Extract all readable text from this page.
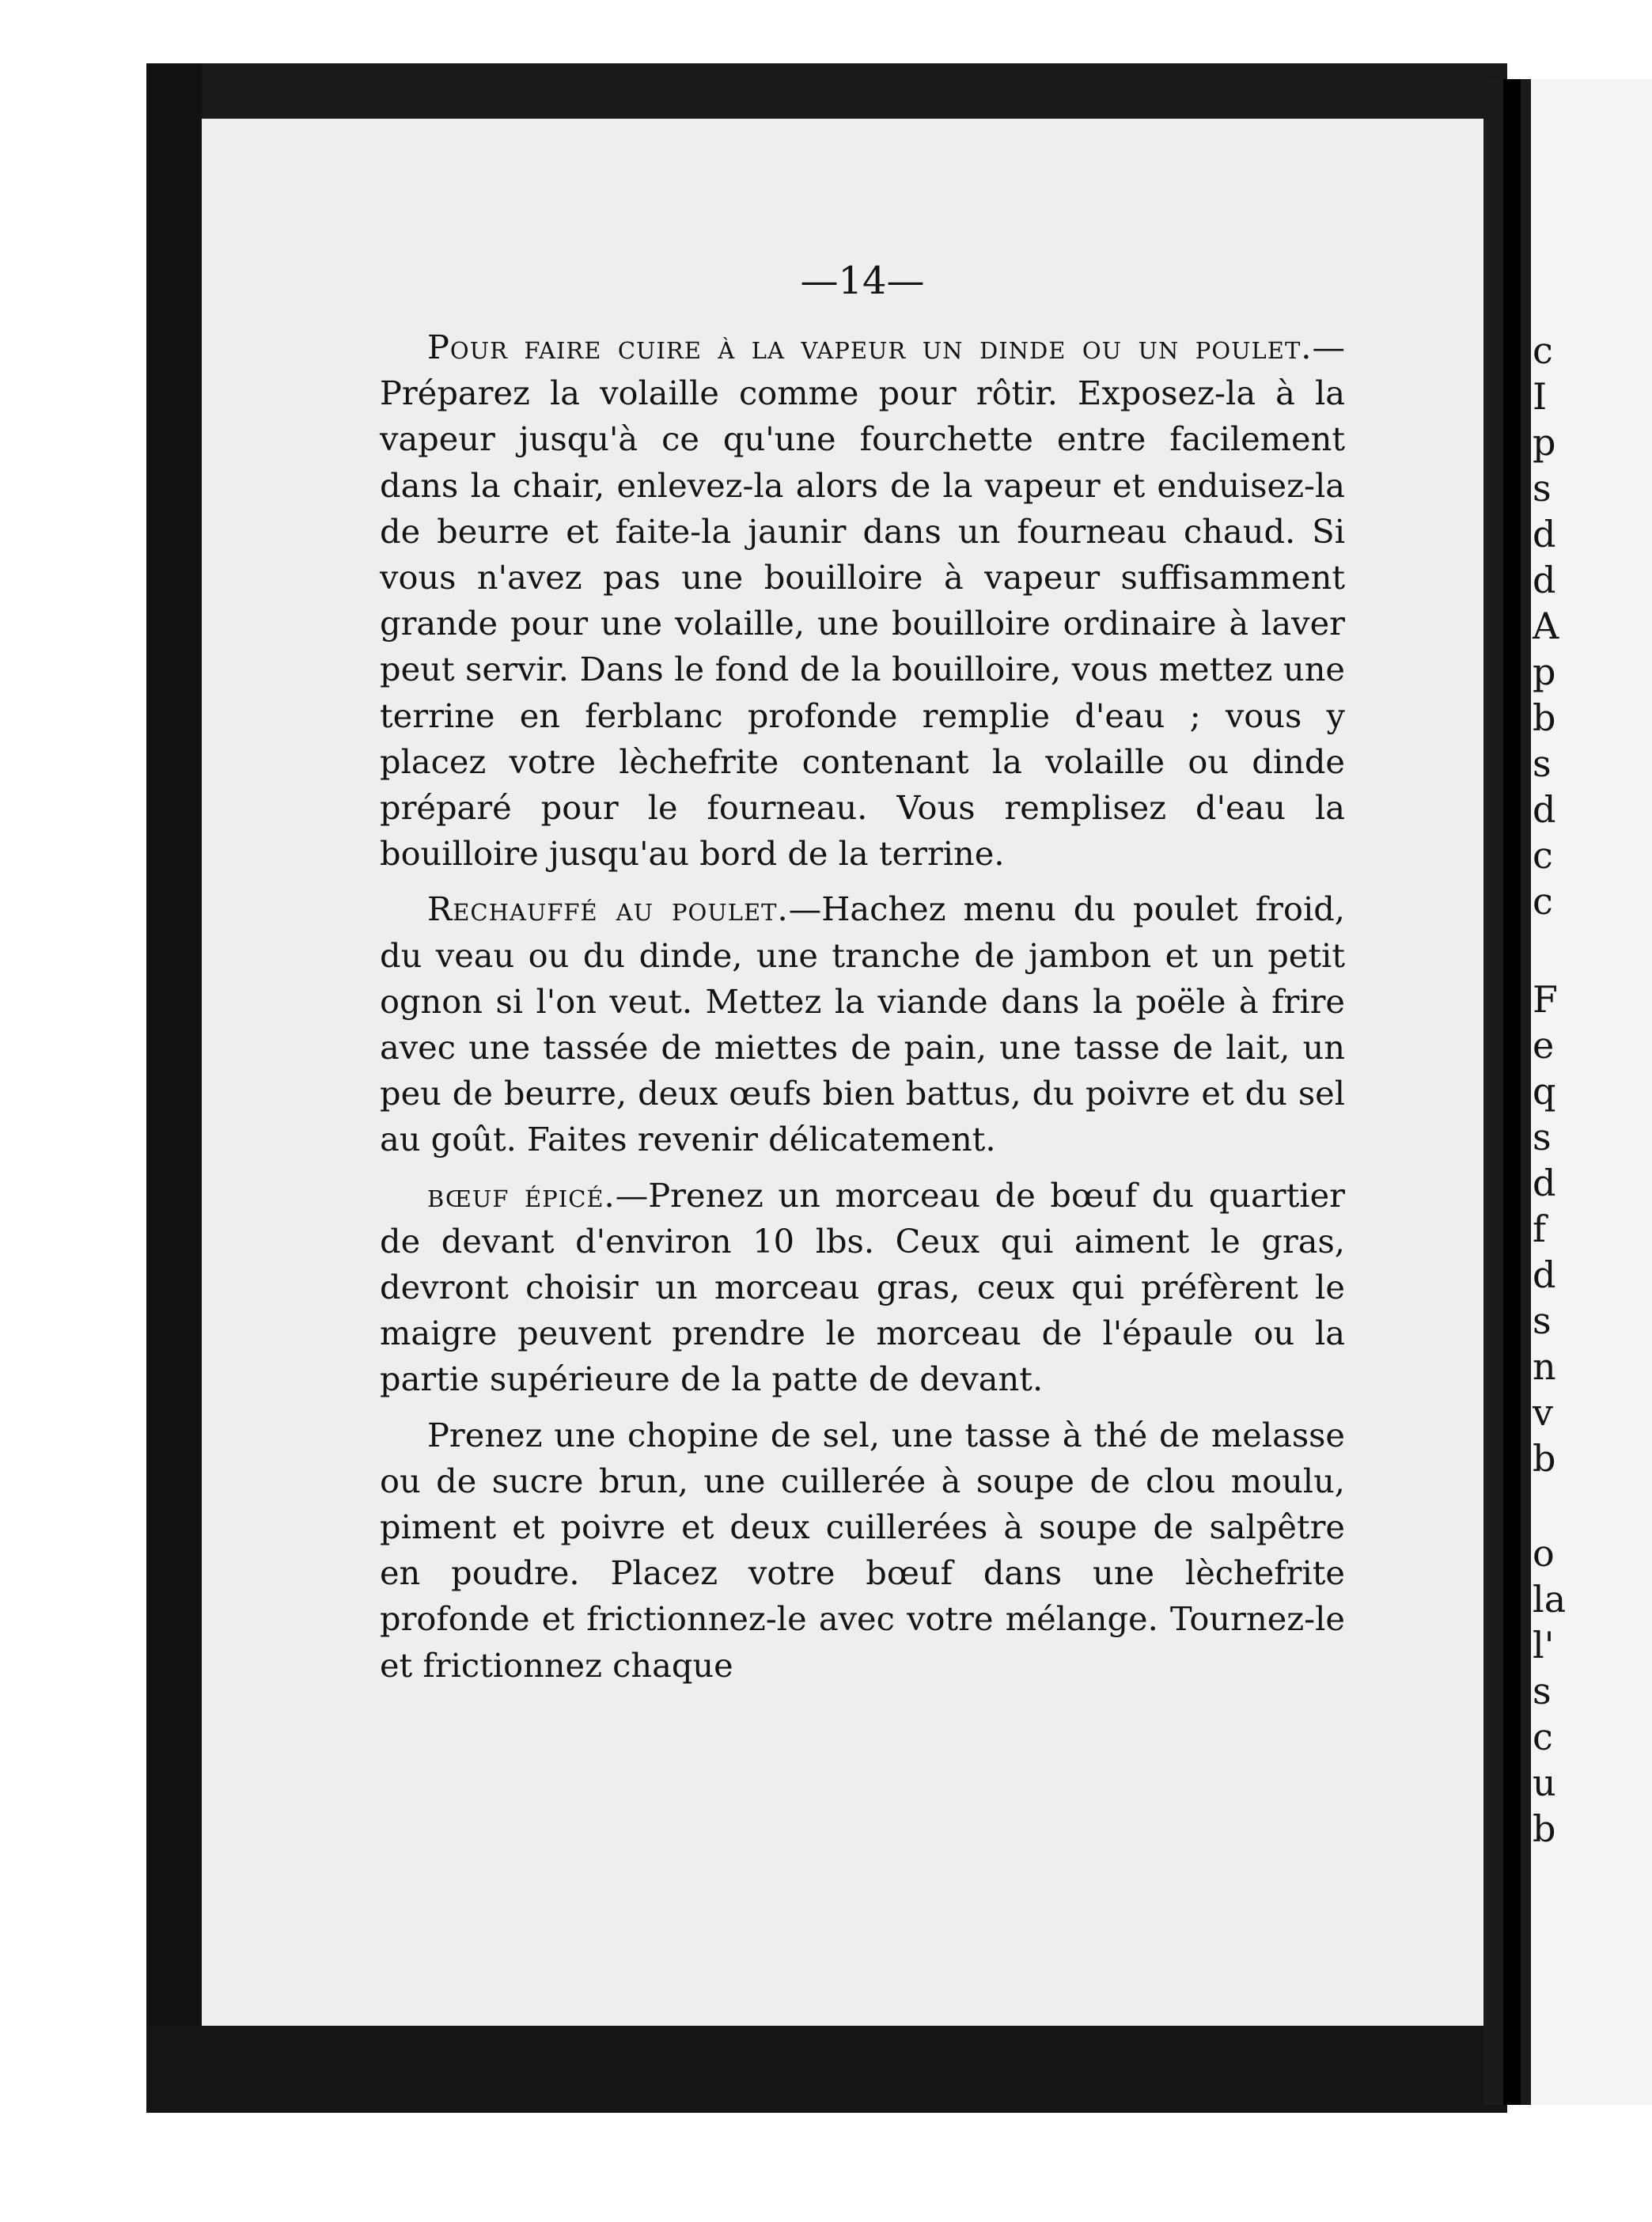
c
I
p
s
d
d
A
p
b
s
d
c
c
F
e
q
s
d
f
d
s
n
v
b
o
la
l'
s
c
u
b
—14—

Pour faire cuire à la vapeur un dinde ou un poulet.—Préparez la volaille comme pour rôtir. Exposez-la à la vapeur jusqu'à ce qu'une fourchette entre facilement dans la chair, enlevez-la alors de la vapeur et enduisez-la de beurre et faite-la jaunir dans un fourneau chaud. Si vous n'avez pas une bouilloire à vapeur suffisamment grande pour une volaille, une bouilloire ordinaire à laver peut servir. Dans le fond de la bouilloire, vous mettez une terrine en ferblanc profonde remplie d'eau ; vous y placez votre lèchefrite contenant la volaille ou dinde préparé pour le fourneau. Vous remplisez d'eau la bouilloire jusqu'au bord de la terrine.

Rechauffé au poulet.—Hachez menu du poulet froid, du veau ou du dinde, une tranche de jambon et un petit ognon si l'on veut. Mettez la viande dans la poële à frire avec une tassée de miettes de pain, une tasse de lait, un peu de beurre, deux œufs bien battus, du poivre et du sel au goût. Faites revenir délicatement.

bœuf épicé.—Prenez un morceau de bœuf du quartier de devant d'environ 10 lbs. Ceux qui aiment le gras, devront choisir un morceau gras, ceux qui préfèrent le maigre peuvent prendre le morceau de l'épaule ou la partie supérieure de la patte de devant.

Prenez une chopine de sel, une tasse à thé de melasse ou de sucre brun, une cuillerée à soupe de clou moulu, piment et poivre et deux cuillerées à soupe de salpêtre en poudre. Placez votre bœuf dans une lèchefrite profonde et frictionnez-le avec votre mélange. Tournez-le et frictionnez chaque
